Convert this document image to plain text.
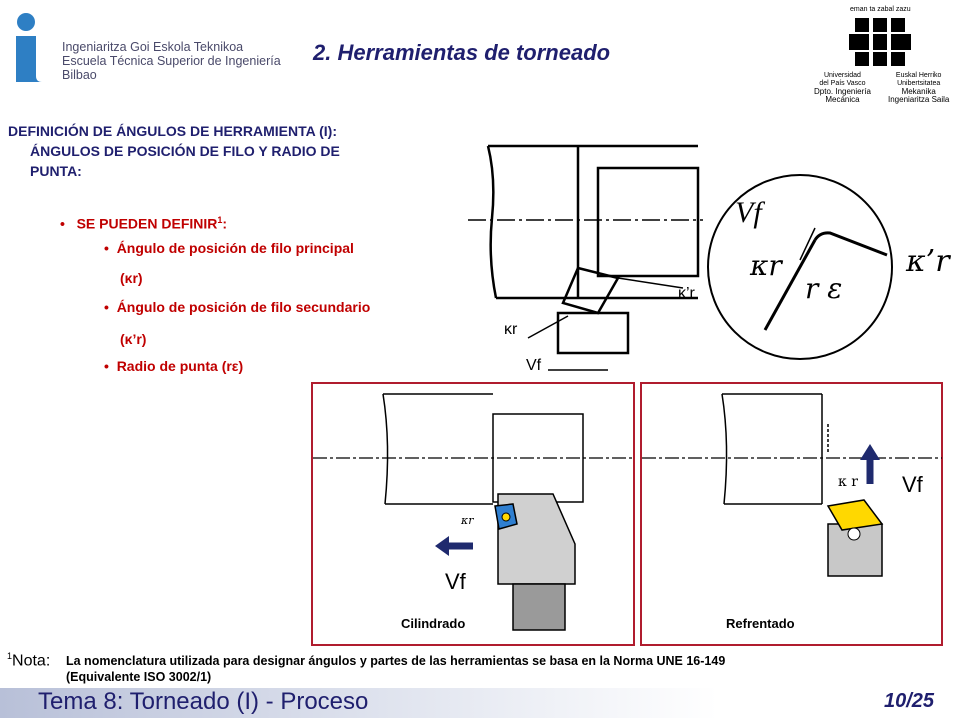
Ingeniaritza Goi Eskola Teknikoa
Escuela Técnica Superior de Ingeniería
Bilbao
2. Herramientas de torneado
eman ta zabal zazu
Universidad
del País Vasco
Dpto. Ingeniería
Mecánica
Euskal Herriko
Unibertsitatea
Mekanika
Ingeniaritza Saila
DEFINICIÓN DE ÁNGULOS DE HERRAMIENTA (I):
ÁNGULOS DE POSICIÓN DE FILO Y RADIO DE
PUNTA:
•   SE PUEDEN DEFINIR$^1$:
•  Ángulo de posición de filo principal
(κr)
•  Ángulo de posición de filo secundario
(κ’r)
•  Radio de punta (rε)
κ’r
κr
Vf
Vf
κr
r ε
κ’r
κr
Vf
Cilindrado
κ r Vf
Refrentado
$^1$Nota: La nomenclatura utilizada para designar ángulos y partes de las herramientas se basa en la Norma UNE 16-149
(Equivalente ISO 3002/1)
Tema 8: Torneado (I) - Proceso	10/25
